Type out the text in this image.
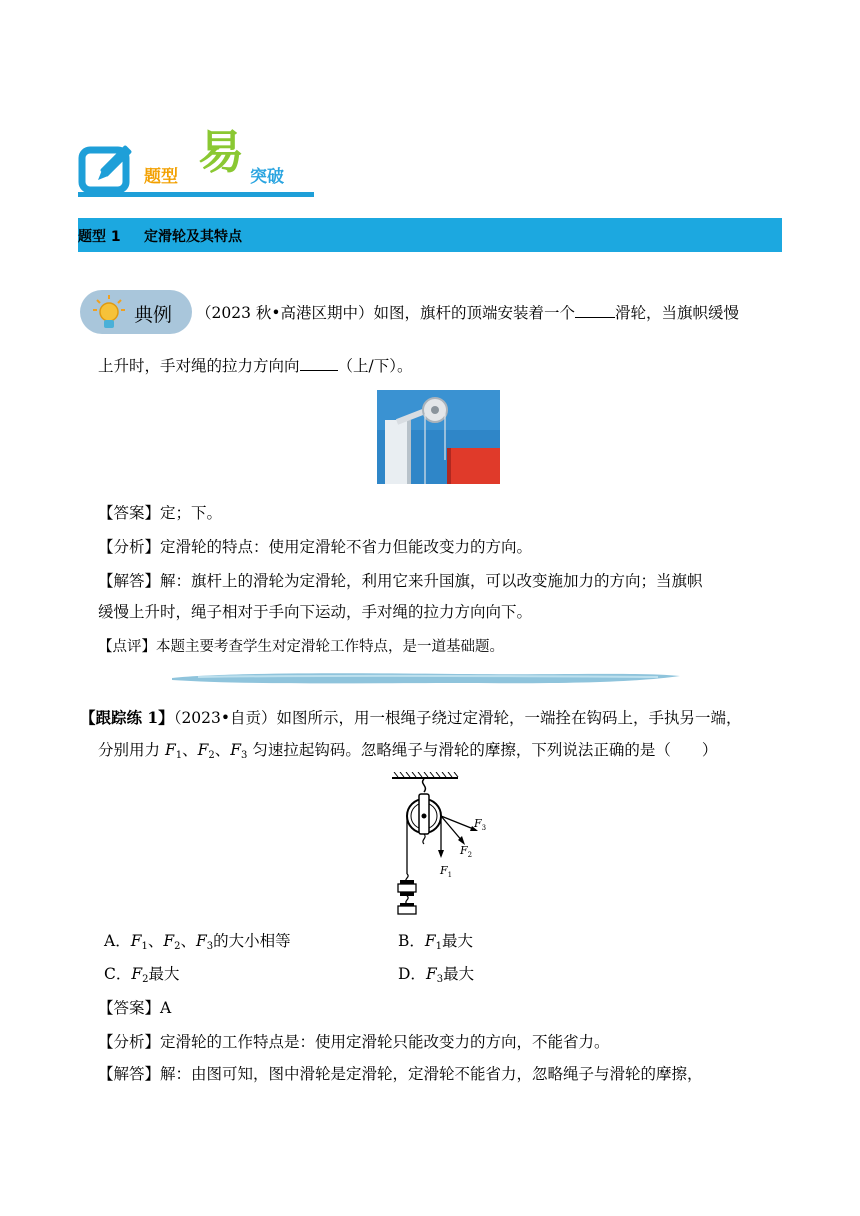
题型 易 突破
题型 1 定滑轮及其特点
典例 （2023 秋•高港区期中）如图，旗杆的顶端安装着一个	滑轮，当旗帜缓慢
上升时，手对绳的拉力方向向 （上/下）。
【答案】定；下。
【分析】定滑轮的特点：使用定滑轮不省力但能改变力的方向。
【解答】解：旗杆上的滑轮为定滑轮，利用它来升国旗，可以改变施加力的方向；当旗帜
缓慢上升时，绳子相对于手向下运动，手对绳的拉力方向向下。
【点评】本题主要考查学生对定滑轮工作特点，是一道基础题。
【跟踪练 1】（2023•自贡）如图所示，用一根绳子绕过定滑轮，一端拴在钩码上，手执另一端，
分别用力 $F_1$、$F_2$、$F_3$ 匀速拉起钩码。忽略绳子与滑轮的摩擦，下列说法正确的是（　　）
$F_3$
$F_2$
$F_1$
A．$F_1$、$F_2$、$F_3$的大小相等	B．$F_1$最大
C．$F_2$最大	D．$F_3$最大
【答案】A
【分析】定滑轮的工作特点是：使用定滑轮只能改变力的方向，不能省力。
【解答】解：由图可知，图中滑轮是定滑轮，定滑轮不能省力，忽略绳子与滑轮的摩擦，
